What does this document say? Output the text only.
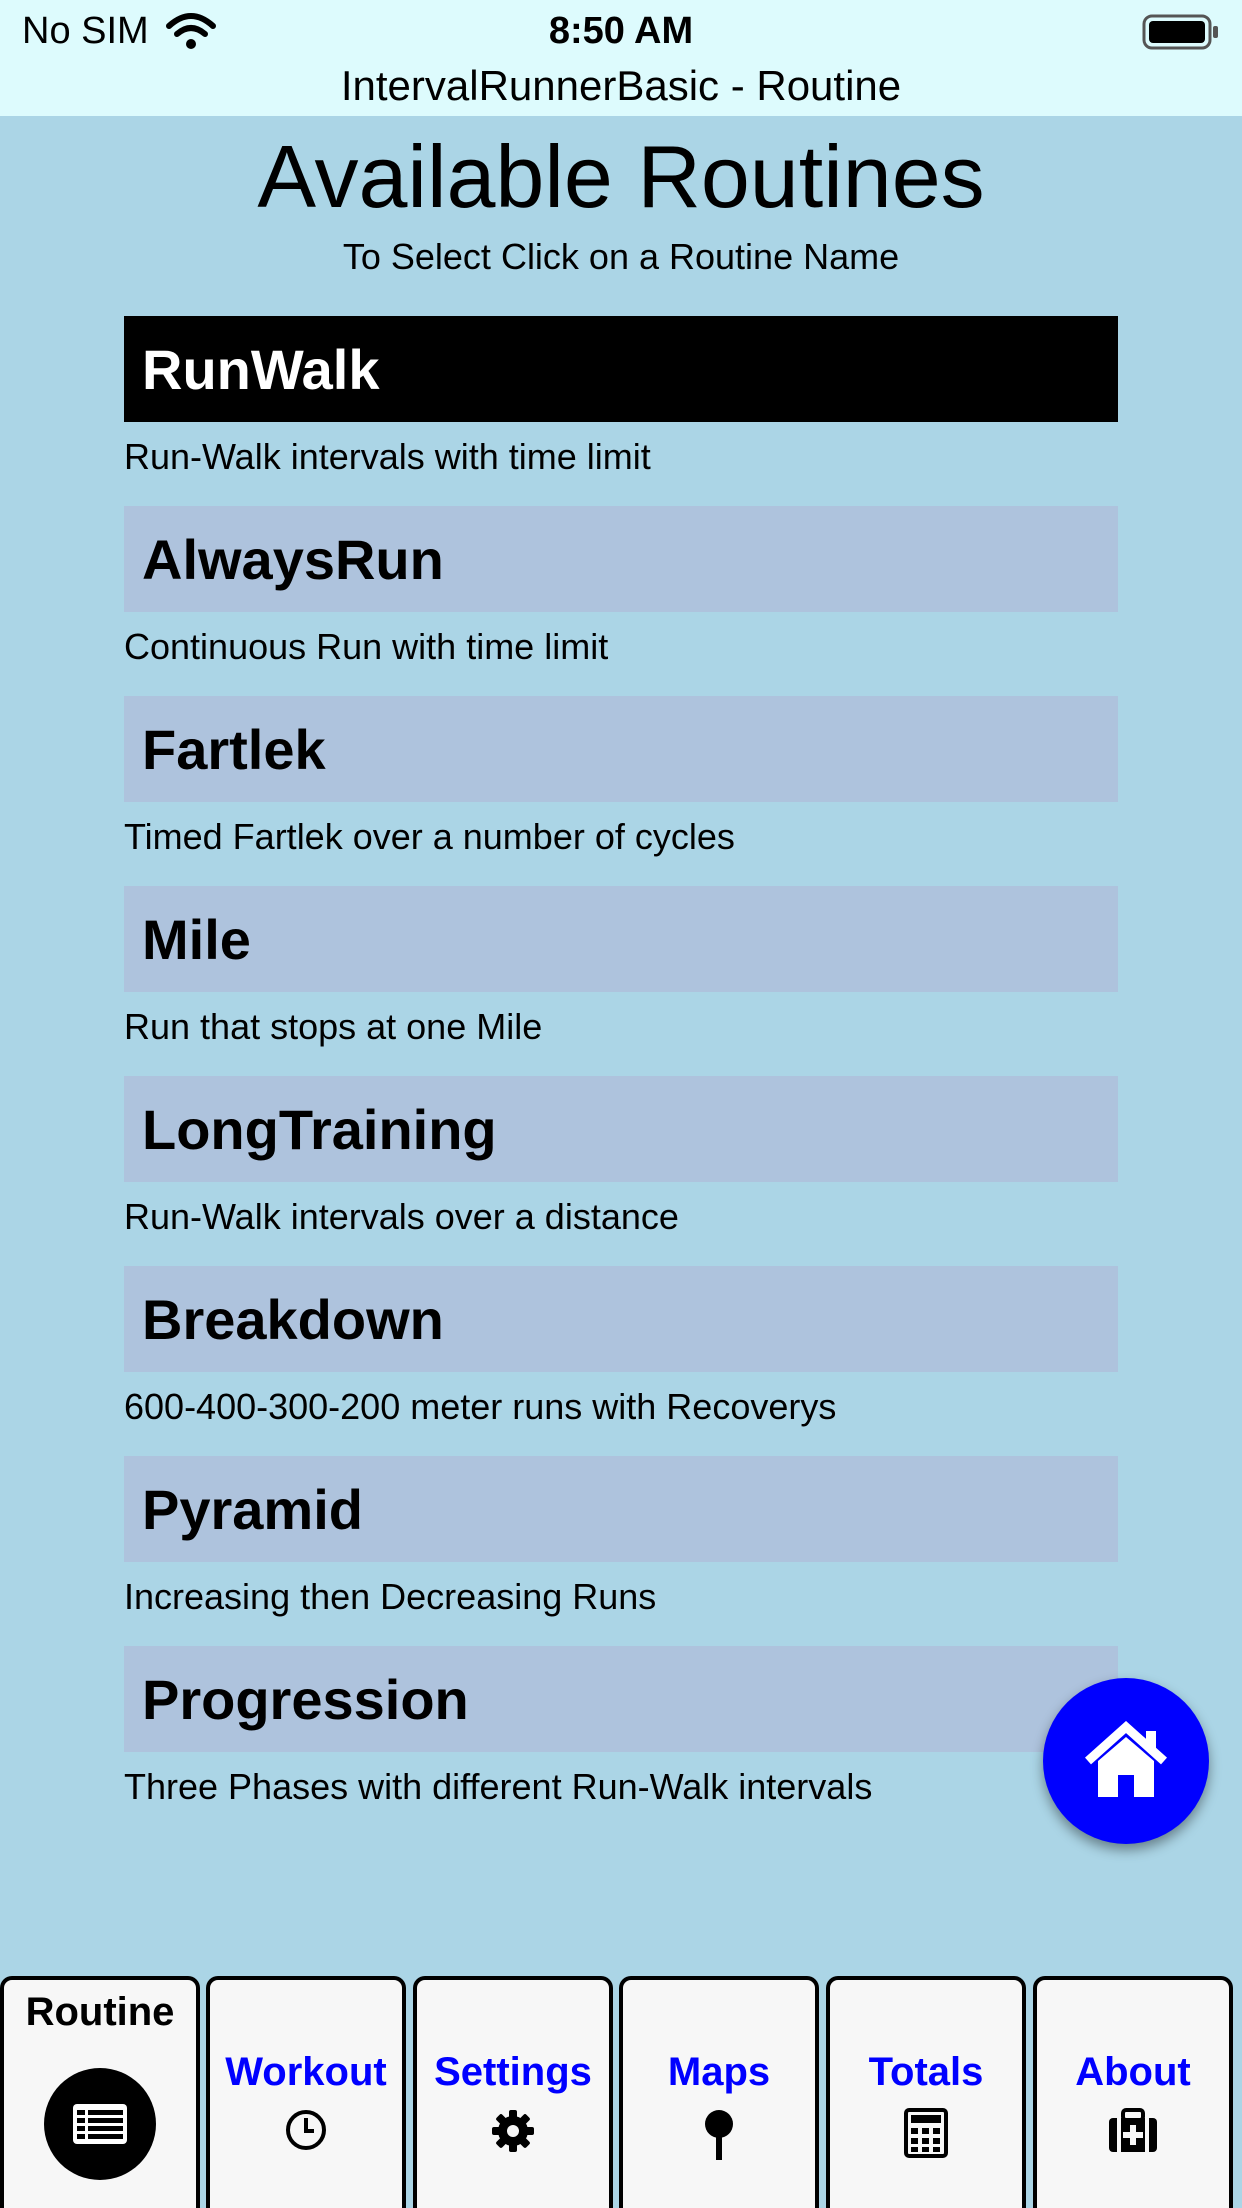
No SIM	8:50 AM
IntervalRunnerBasic - Routine
Available Routines
To Select Click on a Routine Name
RunWalk
Run-Walk intervals with time limit
AlwaysRun
Continuous Run with time limit
Fartlek
Timed Fartlek over a number of cycles
Mile
Run that stops at one Mile
LongTraining
Run-Walk intervals over a distance
Breakdown
600-400-300-200 meter runs with Recoverys
Pyramid
Increasing then Decreasing Runs
Progression
Three Phases with different Run-Walk intervals
Routine
Workout	Settings	Maps	Totals	About
